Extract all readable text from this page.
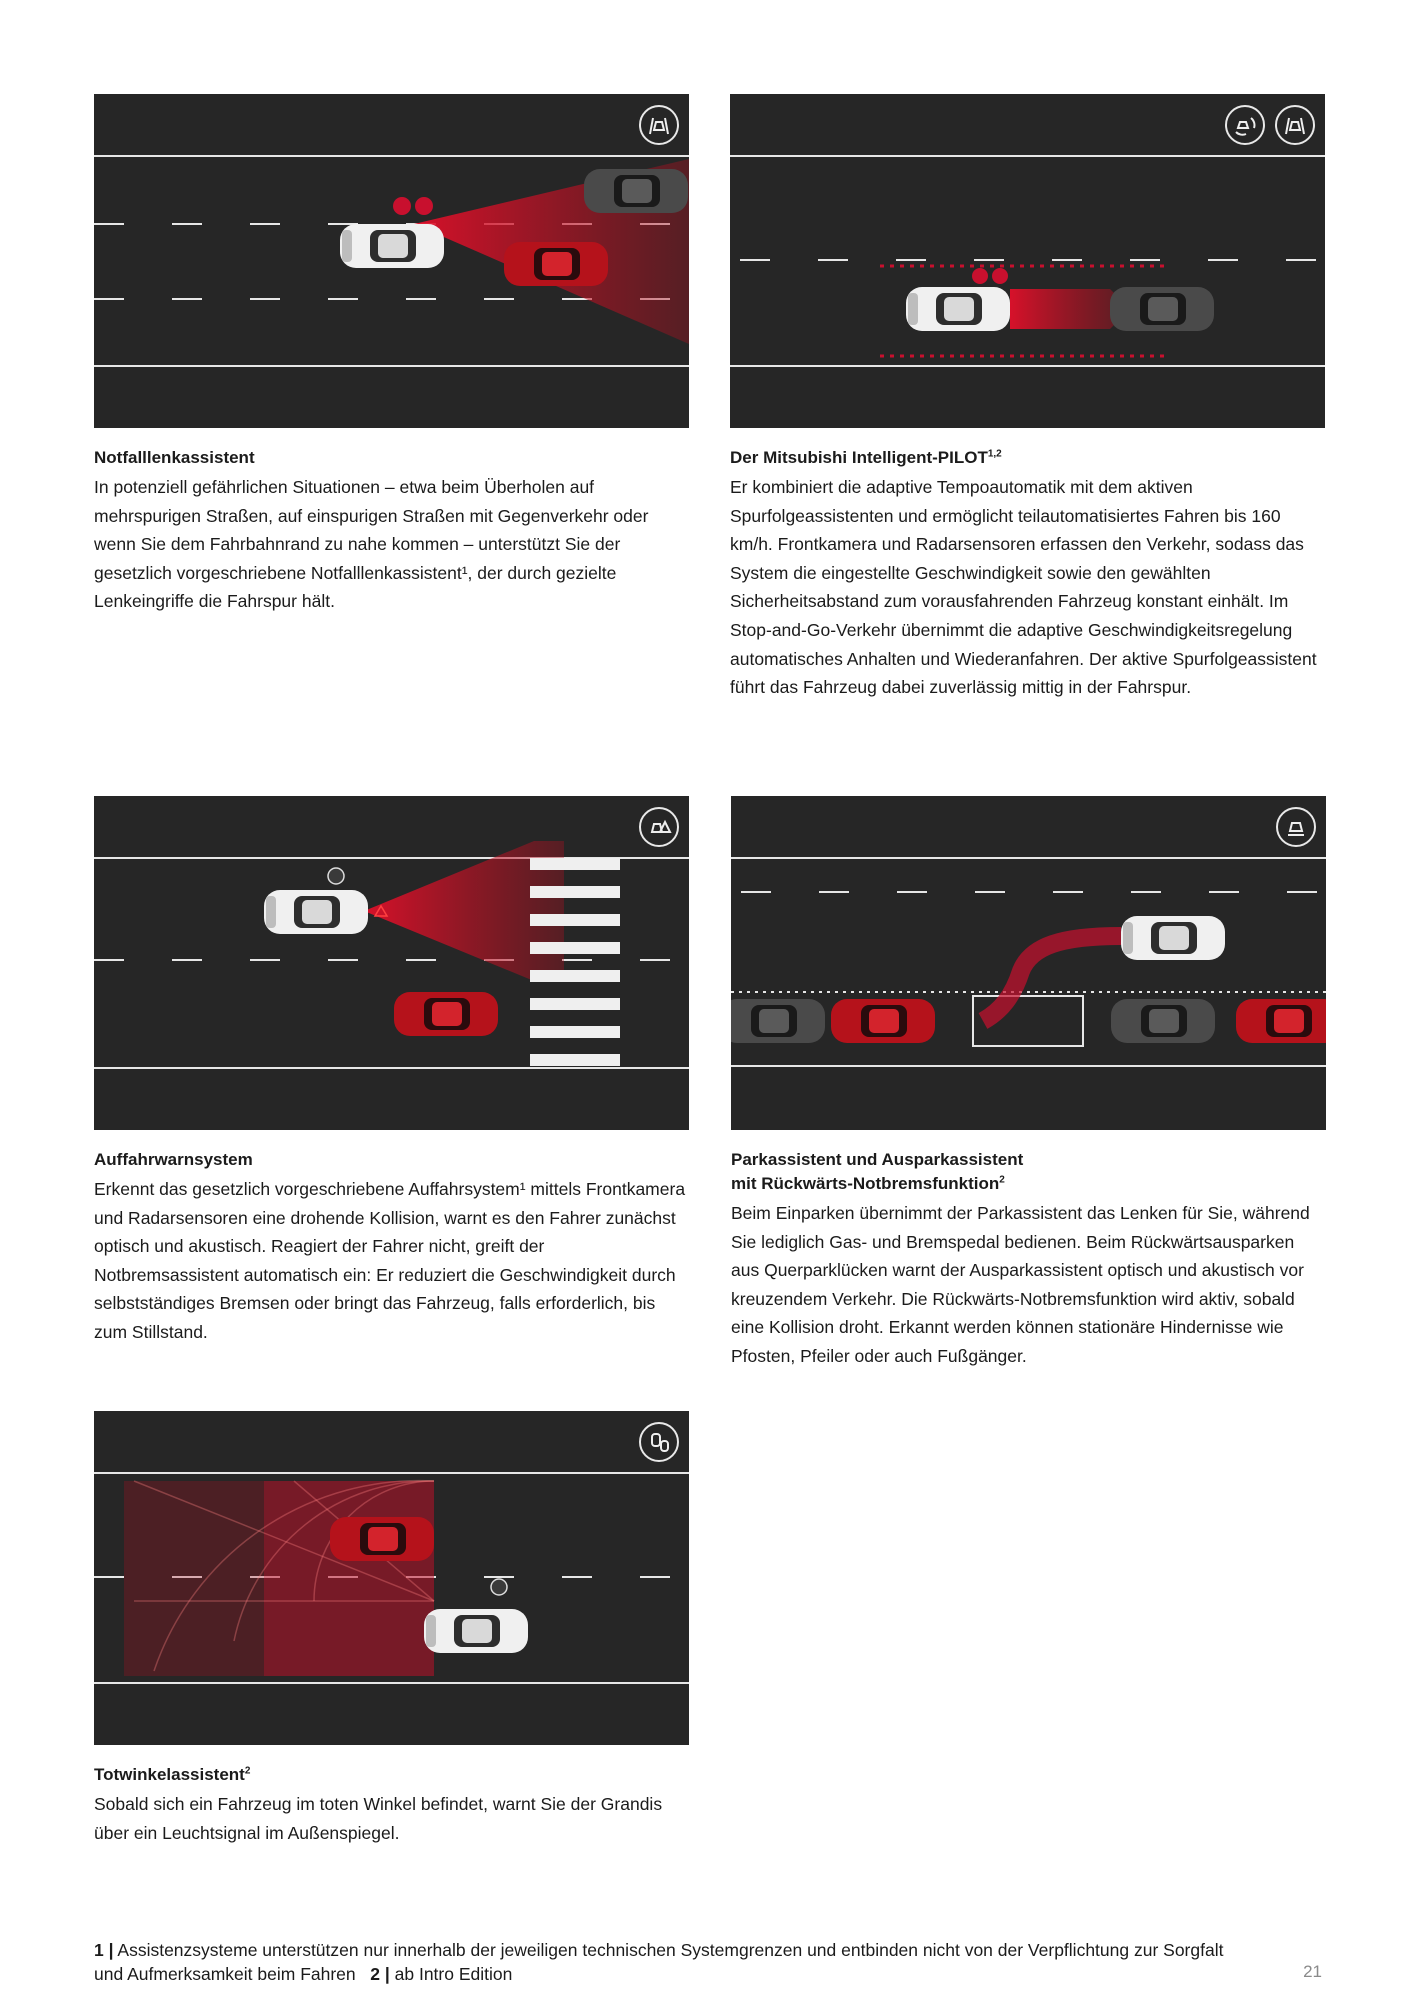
Notfalllenkassistent

In potenziell gefährlichen Situationen – etwa beim Überholen auf mehrspurigen Straßen, auf einspurigen Straßen mit Gegenverkehr oder wenn Sie dem Fahrbahnrand zu nahe kommen – unterstützt Sie der gesetzlich vorgeschriebene Notfalllenkassistent¹, der durch gezielte Lenkeingriffe die Fahrspur hält.

Der Mitsubishi Intelligent-PILOT$^{1,2}$

Er kombiniert die adaptive Tempoautomatik mit dem aktiven Spurfolgeassistenten und ermöglicht teilautomatisiertes Fahren bis 160 km/h. Frontkamera und Radarsensoren erfassen den Verkehr, sodass das System die eingestellte Geschwindigkeit sowie den gewählten Sicherheitsabstand zum vorausfahrenden Fahrzeug konstant einhält. Im Stop-and-Go-Verkehr übernimmt die adaptive Geschwindigkeitsregelung automatisches Anhalten und Wiederanfahren. Der aktive Spurfolgeassistent führt das Fahrzeug dabei zuverlässig mittig in der Fahrspur.

Auffahrwarnsystem

Erkennt das gesetzlich vorgeschriebene Auffahrsystem¹ mittels Frontkamera und Radarsensoren eine drohende Kollision, warnt es den Fahrer zunächst optisch und akustisch. Reagiert der Fahrer nicht, greift der Notbremsassistent automatisch ein: Er reduziert die Geschwindigkeit durch selbstständiges Bremsen oder bringt das Fahrzeug, falls erforderlich, bis zum Stillstand.

Parkassistent und Ausparkassistent
mit Rückwärts-Notbremsfunktion$^2$

Beim Einparken übernimmt der Parkassistent das Lenken für Sie, während Sie lediglich Gas- und Bremspedal bedienen. Beim Rückwärtsausparken aus Querparklücken warnt der Ausparkassistent optisch und akustisch vor kreuzendem Verkehr. Die Rückwärts-Notbremsfunktion wird aktiv, sobald eine Kollision droht. Erkannt werden können stationäre Hindernisse wie Pfosten, Pfeiler oder auch Fußgänger.

Totwinkelassistent$^2$

Sobald sich ein Fahrzeug im toten Winkel befindet, warnt Sie der Grandis über ein Leuchtsignal im Außenspiegel.

1 | Assistenzsysteme unterstützen nur innerhalb der jeweiligen technischen Systemgrenzen und entbinden nicht von der Verpflichtung zur Sorgfalt und Aufmerksamkeit beim Fahren 2 | ab Intro Edition	21
